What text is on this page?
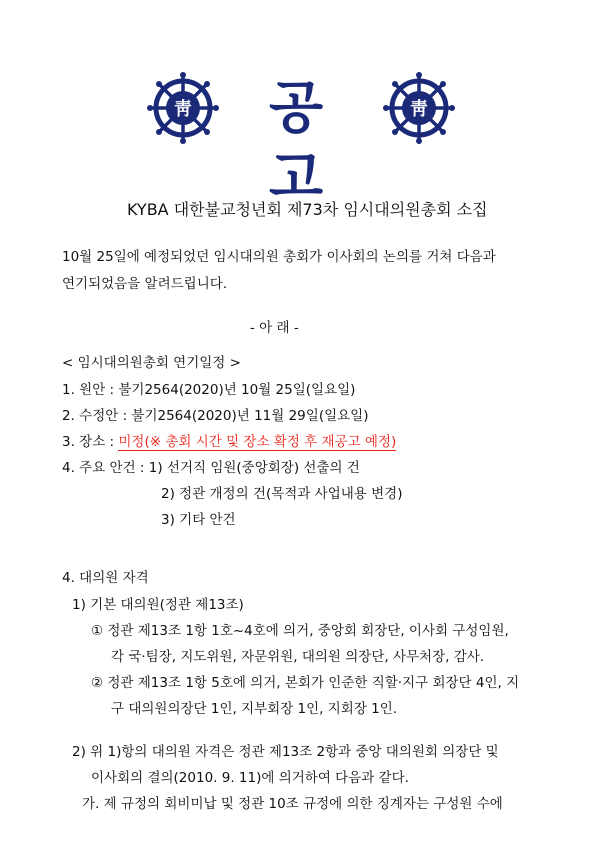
靑	공 고
靑
KYBA 대한불교청년회 제73차 임시대의원총회 소집
10월 25일에 예정되었던 임시대의원 총회가 이사회의 논의를 거쳐 다음과
연기되었음을 알려드립니다.
- 아 래 -
< 임시대의원총회 연기일정 >
1. 원안 : 불기2564(2020)년 10월 25일(일요일)
2. 수정안 : 불기2564(2020)년 11월 29일(일요일)
3. 장소 : 미정(※ 총회 시간 및 장소 확정 후 재공고 예정)
4. 주요 안건 : 1) 선거직 임원(중앙회장) 선출의 건
2) 정관 개정의 건(목적과 사업내용 변경)
3) 기타 안건
4. 대의원 자격
1) 기본 대의원(정관 제13조)
① 정관 제13조 1항 1호~4호에 의거, 중앙회 회장단, 이사회 구성임원,
각 국·팀장, 지도위원, 자문위원, 대의원 의장단, 사무처장, 감사.
② 정관 제13조 1항 5호에 의거, 본회가 인준한 직할·지구 회장단 4인, 지
구 대의원의장단 1인, 지부회장 1인, 지회장 1인.
2) 위 1)항의 대의원 자격은 정관 제13조 2항과 중앙 대의원회 의장단 및
이사회의 결의(2010. 9. 11)에 의거하여 다음과 같다.
가. 제 규정의 회비미납 및 정관 10조 규정에 의한 징계자는 구성원 수에
